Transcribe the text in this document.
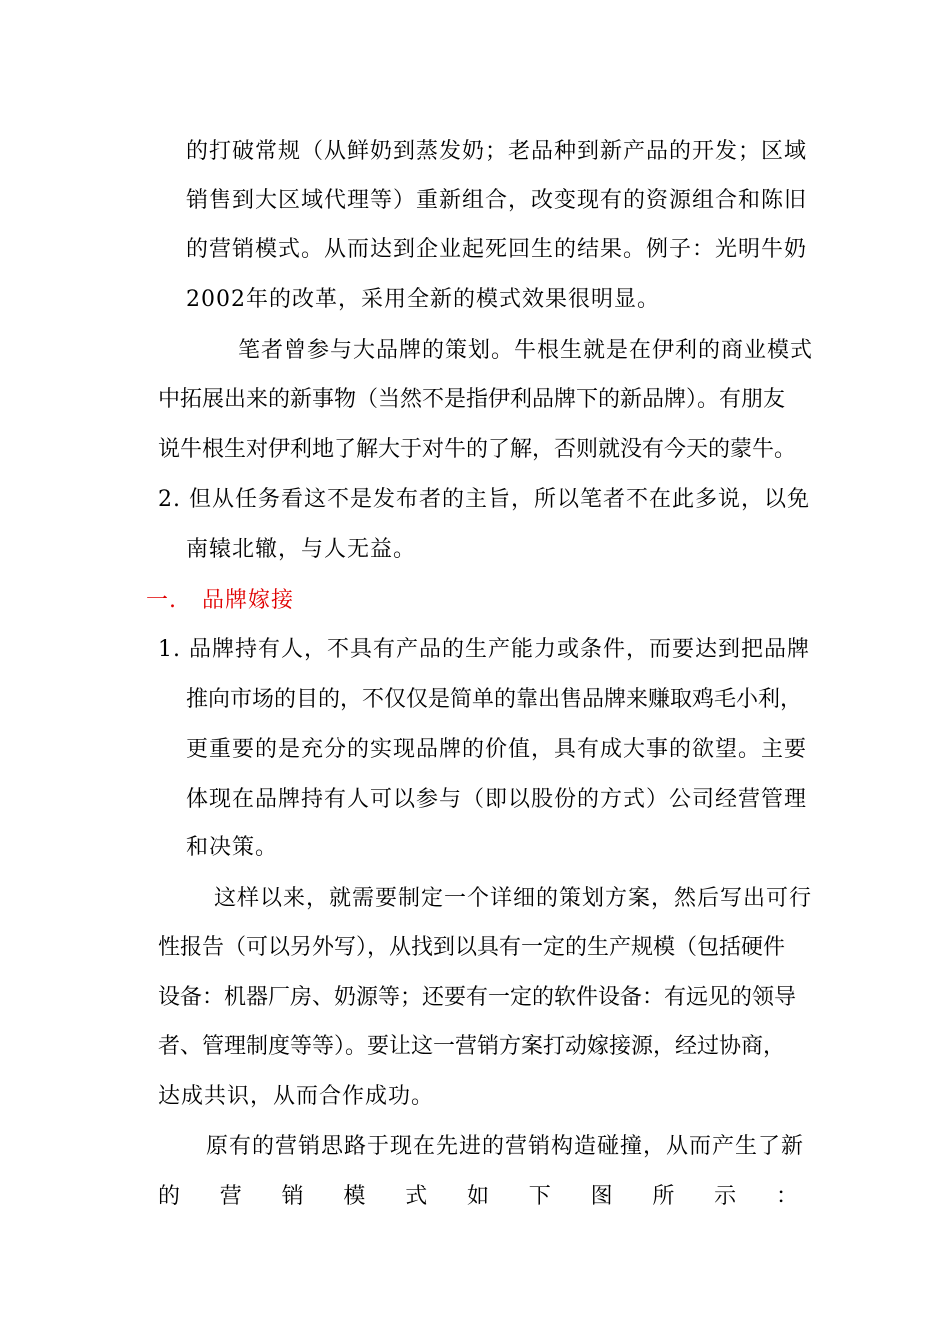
的打破常规（从鲜奶到蒸发奶；老品种到新产品的开发；区域
销售到大区域代理等）重新组合，改变现有的资源组合和陈旧
的营销模式。从而达到企业起死回生的结果。例子：光明牛奶
2002年的改革，采用全新的模式效果很明显。
笔者曾参与大品牌的策划。牛根生就是在伊利的商业模式
中拓展出来的新事物（当然不是指伊利品牌下的新品牌）。有朋友
说牛根生对伊利地了解大于对牛的了解，否则就没有今天的蒙牛。
2. 但从任务看这不是发布者的主旨，所以笔者不在此多说，以免
南辕北辙，与人无益。
一. 品牌嫁接
1. 品牌持有人，不具有产品的生产能力或条件，而要达到把品牌
推向市场的目的，不仅仅是简单的靠出售品牌来赚取鸡毛小利，
更重要的是充分的实现品牌的价值，具有成大事的欲望。主要
体现在品牌持有人可以参与（即以股份的方式）公司经营管理
和决策。
这样以来，就需要制定一个详细的策划方案，然后写出可行
性报告（可以另外写），从找到以具有一定的生产规模（包括硬件
设备：机器厂房、奶源等；还要有一定的软件设备：有远见的领导
者、管理制度等等）。要让这一营销方案打动嫁接源，经过协商，
达成共识，从而合作成功。
原有的营销思路于现在先进的营销构造碰撞，从而产生了新
的 营 销 模 式 如 下 图 所 示 ：
